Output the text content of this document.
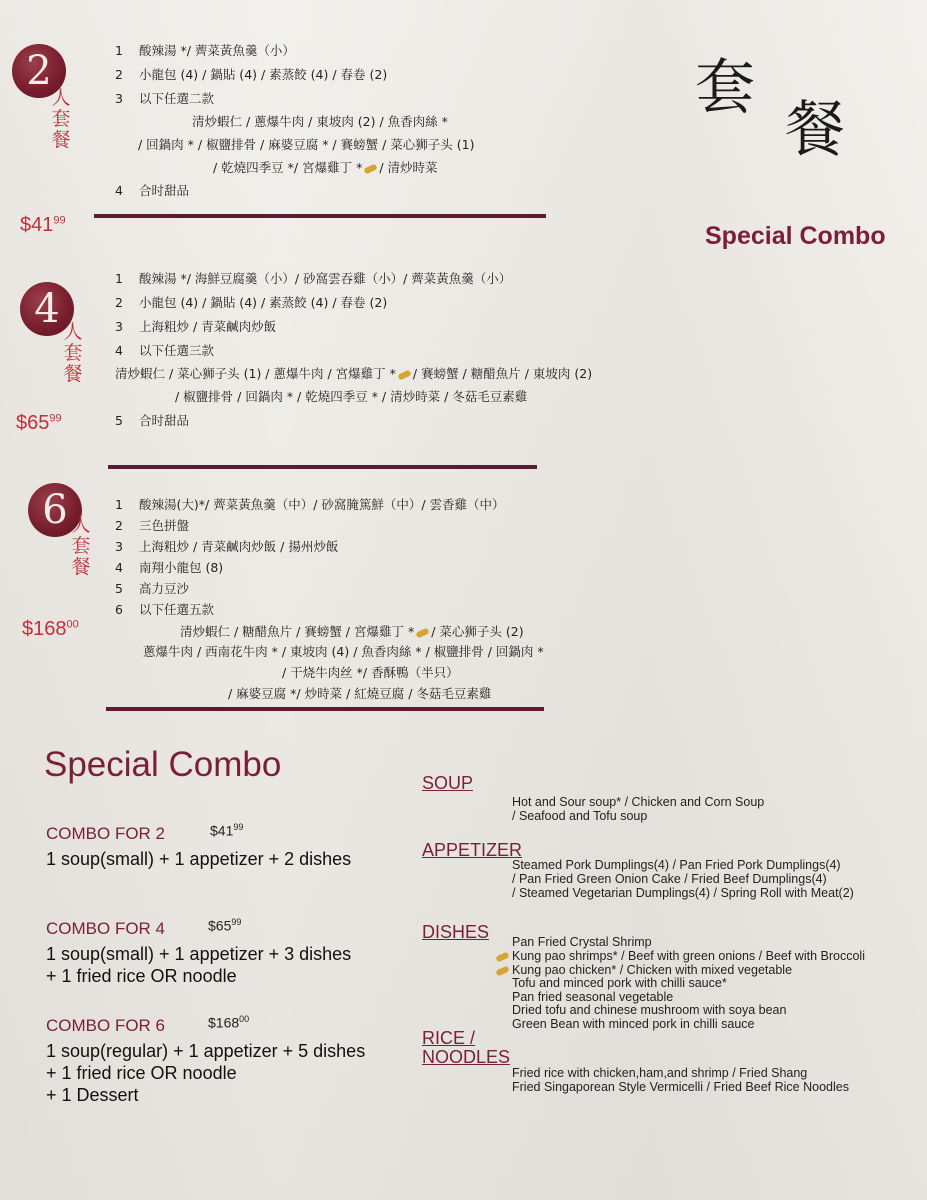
套
餐
Special Combo
2
人
套
餐
$\$41^{99}$
1 酸辣湯 */ 薺菜黃魚羹（小）
2 小龍包 (4) / 鍋貼 (4) / 素蒸餃 (4) / 春卷 (2)
3 以下任選二款
清炒蝦仁 / 蔥爆牛肉 / 東坡肉 (2) / 魚香肉絲 *
/ 回鍋肉 * / 椒鹽排骨 / 麻婆豆腐 * / 賽螃蟹 / 菜心狮子头 (1)
/ 乾燒四季豆 */ 宮爆雞丁 * / 清炒時菜
4 合时甜品
4 人
套
餐
$\$65^{99}$
1 酸辣湯 */ 海鮮豆腐羹（小）/ 砂窩雲吞雞（小）/ 薺菜黃魚羹（小）
2 小龍包 (4) / 鍋貼 (4) / 素蒸餃 (4) / 春卷 (2)
3 上海粗炒 / 青菜鹹肉炒飯
4 以下任選三款
清炒蝦仁 / 菜心狮子头 (1) / 蔥爆牛肉 / 宮爆雞丁 * / 賽螃蟹 / 糖醋魚片 / 東坡肉 (2)
/ 椒鹽排骨 / 回鍋肉 * / 乾燒四季豆 * / 清炒時菜 / 冬菇毛豆素雞
5 合时甜品
6 人
套
餐
$\$168^{00}$
1 酸辣湯(大)*/ 薺菜黃魚羹（中）/ 砂窩腌篤鮮（中）/ 雲香雞（中）
2 三色拼盤
3 上海粗炒 / 青菜鹹肉炒飯 / 揚州炒飯
4 南翔小龍包 (8)
5 高力豆沙
6 以下任選五款
清炒蝦仁 / 糖醋魚片 / 賽螃蟹 / 宮爆雞丁 * / 菜心狮子头 (2)
蔥爆牛肉 / 西南花牛肉 * / 東坡肉 (4) / 魚香肉絲 * / 椒鹽排骨 / 回鍋肉 *
/ 干烧牛肉丝 */ 香酥鴨（半只）
/ 麻婆豆腐 */ 炒時菜 / 紅燒豆腐 / 冬菇毛豆素雞
Special Combo
COMBO FOR 2	$\$41^{99}$
1 soup(small) + 1 appetizer + 2 dishes
COMBO FOR 4	$\$65^{99}$
1 soup(small) + 1 appetizer + 3 dishes
+ 1 fried rice OR noodle
COMBO FOR 6	$\$168^{00}$
1 soup(regular) + 1 appetizer + 5 dishes
+ 1 fried rice OR noodle
+ 1 Dessert
SOUP
Hot and Sour soup* / Chicken and Corn Soup
/ Seafood and Tofu soup
APPETIZER
Steamed Pork Dumplings(4) / Pan Fried Pork Dumplings(4)
/ Pan Fried Green Onion Cake / Fried Beef Dumplings(4)
/ Steamed Vegetarian Dumplings(4) / Spring Roll with Meat(2)
DISHES Pan Fried Crystal Shrimp
Kung pao shrimps* / Beef with green onions / Beef with Broccoli
Kung pao chicken* / Chicken with mixed vegetable
Tofu and minced pork with chilli sauce*
Pan fried seasonal vegetable
Dried tofu and chinese mushroom with soya bean
Green Bean with minced pork in chilli sauce
RICE /
NOODLES
Fried rice with chicken,ham,and shrimp / Fried Shang
Fried Singaporean Style Vermicelli / Fried Beef Rice Noodles
